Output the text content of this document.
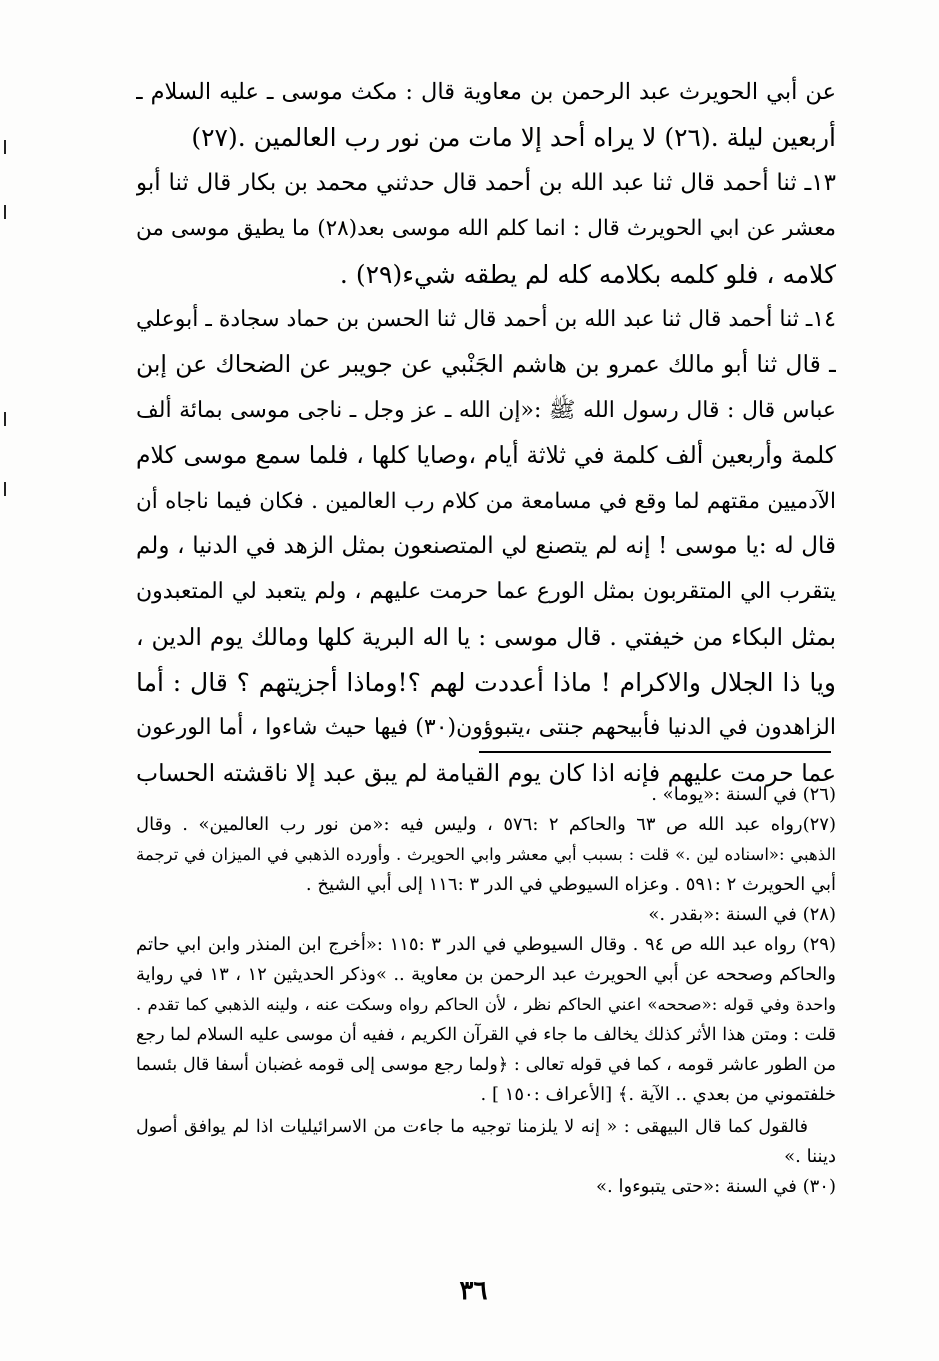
عن أبي الحويرث عبد الرحمن بن معاوية قال : مكث موسى ـ عليه السلام ـ
أربعين ليلة .(٢٦) لا يراه أحد إلا مات من نور رب العالمين .(٢٧)
١٣ـ ثنا أحمد قال ثنا عبد الله بن أحمد قال حدثني محمد بن بكار قال ثنا أبو
معشر عن ابي الحويرث قال : انما كلم الله موسى بعد(٢٨) ما يطيق موسى من
كلامه ، فلو كلمه بكلامه كله لم يطقه شيء(٢٩) .
١٤ـ ثنا أحمد قال ثنا عبد الله بن أحمد قال ثنا الحسن بن حماد سجادة ـ أبوعلي
ـ قال ثنا أبو مالك عمرو بن هاشم الجَنْبي عن جويبر عن الضحاك عن إبن
عباس قال : قال رسول الله ﷺ :«إن الله ـ عز وجل ـ ناجى موسى بمائة ألف
كلمة وأربعين ألف كلمة في ثلاثة أيام ،وصايا كلها ، فلما سمع موسى كلام
الآدميين مقتهم لما وقع في مسامعة من كلام رب العالمين . فكان فيما ناجاه أن
قال له :يا موسى ! إنه لم يتصنع لي المتصنعون بمثل الزهد في الدنيا ، ولم
يتقرب الي المتقربون بمثل الورع عما حرمت عليهم ، ولم يتعبد لي المتعبدون
بمثل البكاء من خيفتي . قال موسى : يا اله البرية كلها ومالك يوم الدين ،
ويا ذا الجلال والاكرام ! ماذا أعددت لهم ؟!وماذا أجزيتهم ؟ قال : أما
الزاهدون في الدنيا فأبيحهم جنتى ،يتبوؤون(٣٠) فيها حيث شاءوا ، أما الورعون
عما حرمت عليهم فإنه اذا كان يوم القيامة لم يبق عبد إلا ناقشته الحساب
(٢٦) في السنة :«يوما» .
(٢٧)رواه عبد الله ص ٦٣ والحاكم ٢ :٥٧٦ ، وليس فيه :«من نور رب العالمين» . وقال
الذهبي :«اسناده لين .» قلت : بسبب أبي معشر وابي الحويرث . وأورده الذهبي في الميزان في ترجمة
أبي الحويرث ٢ :٥٩١ . وعزاه السيوطي في الدر ٣ :١١٦ إلى أبي الشيخ .
(٢٨) في السنة :«بقدر .»
(٢٩) رواه عبد الله ص ٩٤ . وقال السيوطي في الدر ٣ :١١٥ :«أخرج ابن المنذر وابن ابي حاتم
والحاكم وصححه عن أبي الحويرث عبد الرحمن بن معاوية .. »وذكر الحديثين ١٢ ، ١٣ في رواية
واحدة وفي قوله :«صححه» اعني الحاكم نظر ، لأن الحاكم رواه وسكت عنه ، ولينه الذهبي كما تقدم .
قلت : ومتن هذا الأثر كذلك يخالف ما جاء في القرآن الكريم ، ففيه أن موسى عليه السلام لما رجع
من الطور عاشر قومه ، كما في قوله تعالى : ﴿ولما رجع موسى إلى قومه غضبان أسفا قال بئسما
خلفتموني من بعدي .. الآية .﴾ [الأعراف :١٥٠ ] .
فالقول كما قال البيهقى : « إنه لا يلزمنا توجيه ما جاءت من الاسرائيليات اذا لم يوافق أصول
ديننا .»
(٣٠) في السنة :«حتى يتبوءوا .»
٣٦
